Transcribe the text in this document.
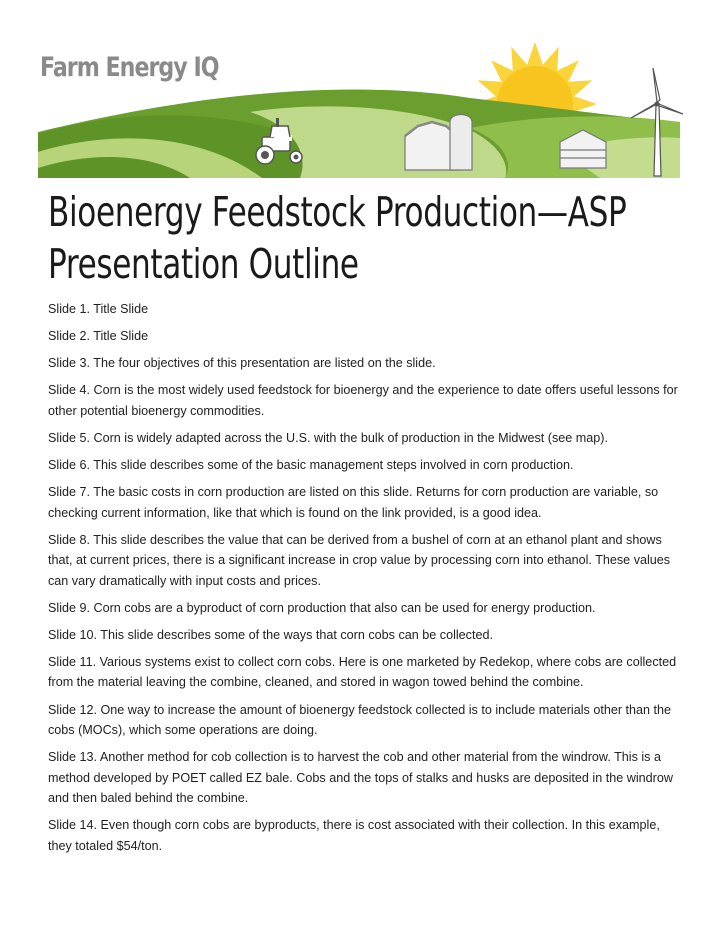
Farm Energy IQ
Bioenergy Feedstock Production—ASP
Presentation Outline
Slide 1. Title Slide
Slide 2. Title Slide
Slide 3. The four objectives of this presentation are listed on the slide.
Slide 4. Corn is the most widely used feedstock for bioenergy and the experience to date offers useful lessons for other potential bioenergy commodities.
Slide 5. Corn is widely adapted across the U.S. with the bulk of production in the Midwest (see map).
Slide 6. This slide describes some of the basic management steps involved in corn production.
Slide 7. The basic costs in corn production are listed on this slide. Returns for corn production are variable, so checking current information, like that which is found on the link provided, is a good idea.
Slide 8. This slide describes the value that can be derived from a bushel of corn at an ethanol plant and shows that, at current prices, there is a significant increase in crop value by processing corn into ethanol. These values can vary dramatically with input costs and prices.
Slide 9. Corn cobs are a byproduct of corn production that also can be used for energy production.
Slide 10. This slide describes some of the ways that corn cobs can be collected.
Slide 11. Various systems exist to collect corn cobs. Here is one marketed by Redekop, where cobs are collected from the material leaving the combine, cleaned, and stored in wagon towed behind the combine.
Slide 12. One way to increase the amount of bioenergy feedstock collected is to include materials other than the cobs (MOCs), which some operations are doing.
Slide 13. Another method for cob collection is to harvest the cob and other material from the windrow. This is a method developed by POET called EZ bale. Cobs and the tops of stalks and husks are deposited in the windrow and then baled behind the combine.
Slide 14. Even though corn cobs are byproducts, there is cost associated with their collection. In this example, they totaled $54/ton.
